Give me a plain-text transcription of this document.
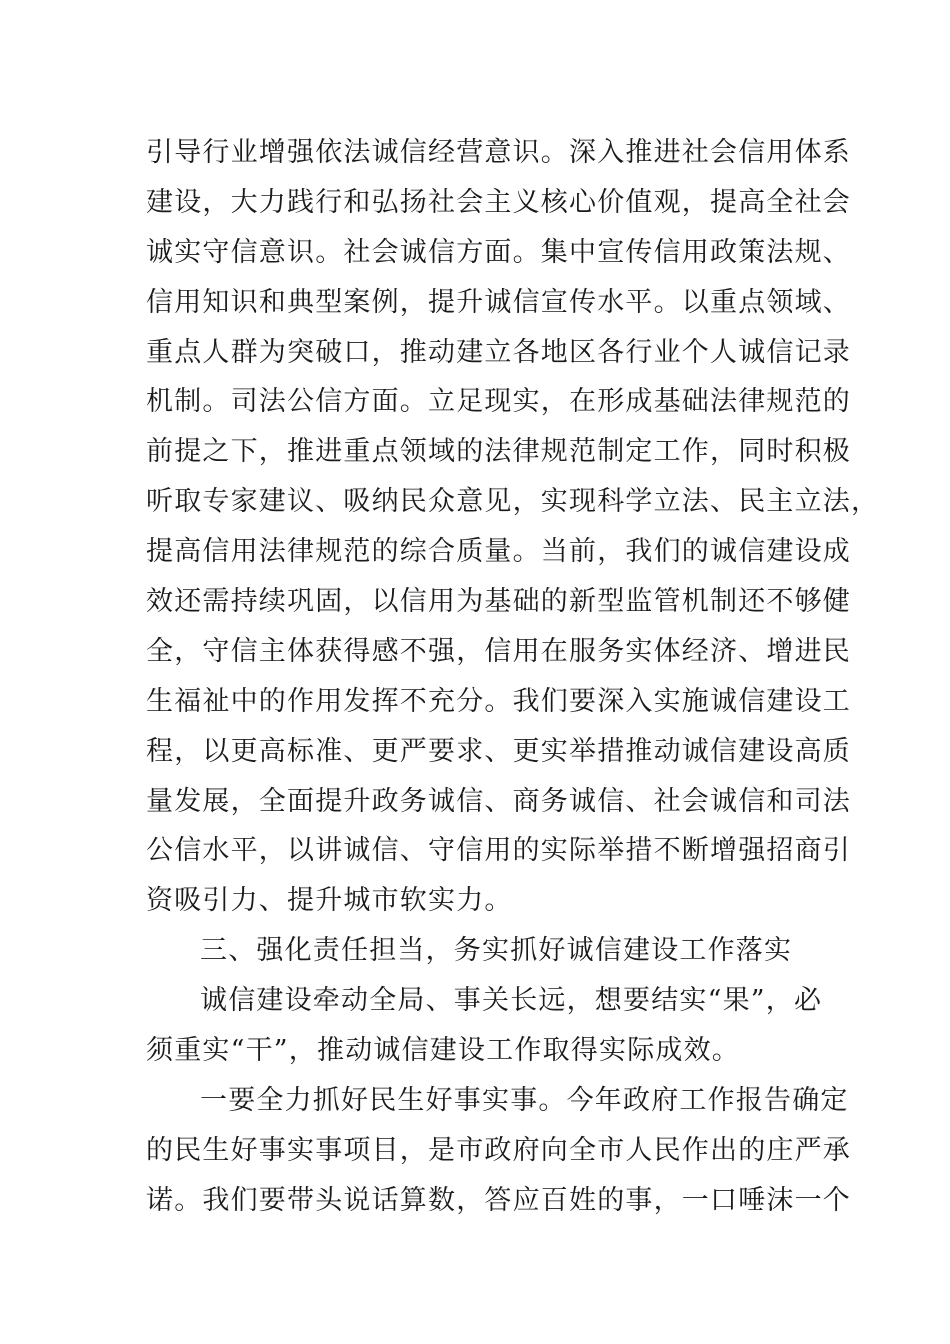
引导行业增强依法诚信经营意识。深入推进社会信用体系
建设，大力践行和弘扬社会主义核心价值观，提高全社会
诚实守信意识。社会诚信方面。集中宣传信用政策法规、
信用知识和典型案例，提升诚信宣传水平。以重点领域、
重点人群为突破口，推动建立各地区各行业个人诚信记录
机制。司法公信方面。立足现实，在形成基础法律规范的
前提之下，推进重点领域的法律规范制定工作，同时积极
听取专家建议、吸纳民众意见，实现科学立法、民主立法，
提高信用法律规范的综合质量。当前，我们的诚信建设成
效还需持续巩固，以信用为基础的新型监管机制还不够健
全，守信主体获得感不强，信用在服务实体经济、增进民
生福祉中的作用发挥不充分。我们要深入实施诚信建设工
程，以更高标准、更严要求、更实举措推动诚信建设高质
量发展，全面提升政务诚信、商务诚信、社会诚信和司法
公信水平，以讲诚信、守信用的实际举措不断增强招商引
资吸引力、提升城市软实力。
三、强化责任担当，务实抓好诚信建设工作落实
诚信建设牵动全局、事关长远，想要结实“果”，必
须重实“干”，推动诚信建设工作取得实际成效。
一要全力抓好民生好事实事。今年政府工作报告确定
的民生好事实事项目，是市政府向全市人民作出的庄严承
诺。我们要带头说话算数，答应百姓的事，一口唾沫一个
